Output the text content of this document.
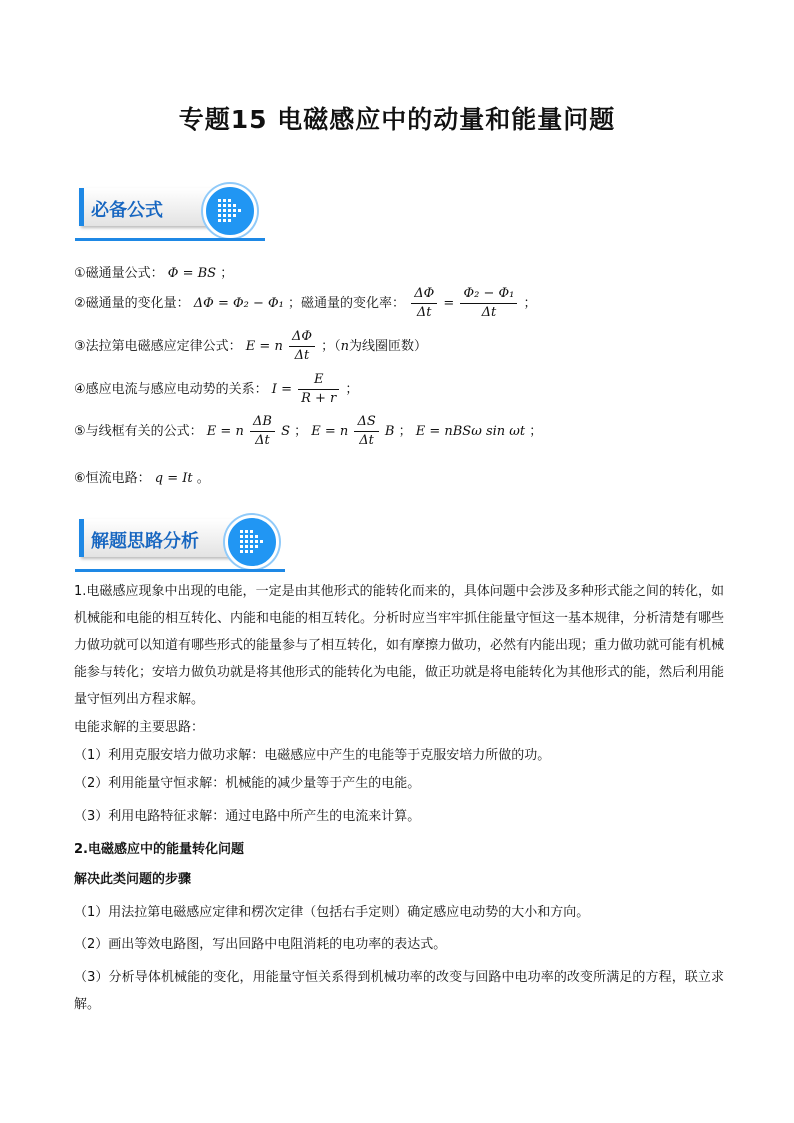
专题15 电磁感应中的动量和能量问题
必备公式
①磁通量公式： Φ = BS ；
②磁通量的变化量： ΔΦ = Φ₂ − Φ₁ ；磁通量的变化率： $\frac{\Delta\Phi}{\Delta t} = \frac{\text{Φ₂ − Φ₁}}{\Delta t}$ ；
③法拉第电磁感应定律公式： E = n $\frac{\Delta\Phi}{\Delta t}$ ；（n为线圈匝数）
④感应电流与感应电动势的关系： $I = \frac{E}{R + r}$ ；
⑤与线框有关的公式： E = n $\frac{\Delta B}{\Delta t}$ S ； E = n $\frac{\Delta S}{\Delta t}$ B ； E = nBSω sin ωt ；
⑥恒流电路： q = It 。
解题思路分析
1.电磁感应现象中出现的电能，一定是由其他形式的能转化而来的，具体问题中会涉及多种形式能之间的转化，如机械能和电能的相互转化、内能和电能的相互转化。分析时应当牢牢抓住能量守恒这一基本规律，分析清楚有哪些力做功就可以知道有哪些形式的能量参与了相互转化，如有摩擦力做功，必然有内能出现；重力做功就可能有机械能参与转化；安培力做负功就是将其他形式的能转化为电能，做正功就是将电能转化为其他形式的能，然后利用能量守恒列出方程求解。
电能求解的主要思路：
（1）利用克服安培力做功求解：电磁感应中产生的电能等于克服安培力所做的功。
（2）利用能量守恒求解：机械能的减少量等于产生的电能。
（3）利用电路特征求解：通过电路中所产生的电流来计算。
2.电磁感应中的能量转化问题
解决此类问题的步骤
（1）用法拉第电磁感应定律和楞次定律（包括右手定则）确定感应电动势的大小和方向。
（2）画出等效电路图，写出回路中电阻消耗的电功率的表达式。
（3）分析导体机械能的变化，用能量守恒关系得到机械功率的改变与回路中电功率的改变所满足的方程，联立求解。
